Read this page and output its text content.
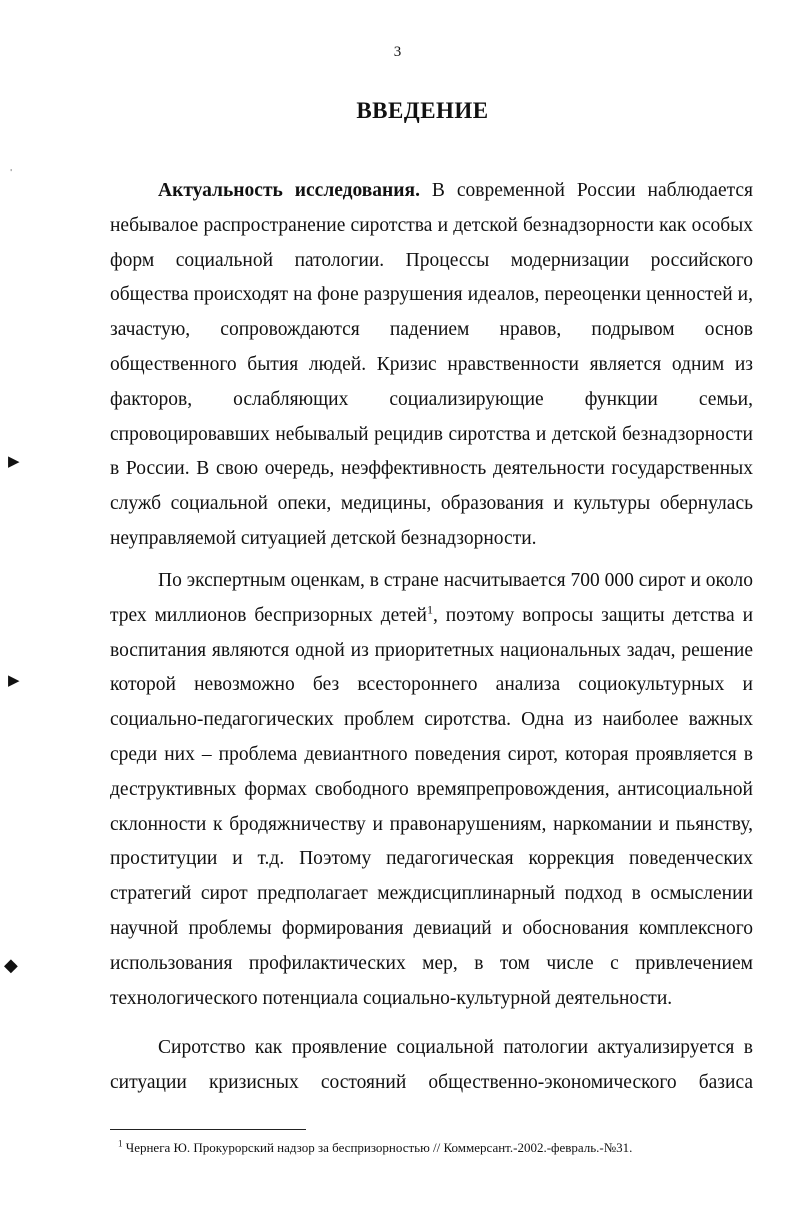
3
ВВЕДЕНИЕ

Актуальность исследования. В современной России наблюдается небывалое распространение сиротства и детской безнадзорности как особых форм социальной патологии. Процессы модернизации российского общества происходят на фоне разрушения идеалов, переоценки ценностей и, зачастую, сопровождаются падением нравов, подрывом основ общественного бытия людей. Кризис нравственности является одним из факторов, ослабляющих социализирующие функции семьи, спровоцировавших небывалый рецидив сиротства и детской безнадзорности в России. В свою очередь, неэффективность деятельности государственных служб социальной опеки, медицины, образования и культуры обернулась неуправляемой ситуацией детской безнадзорности.

По экспертным оценкам, в стране насчитывается 700 000 сирот и около трех миллионов беспризорных детей$^1$, поэтому вопросы защиты детства и воспитания являются одной из приоритетных национальных задач, решение которой невозможно без всестороннего анализа социокультурных и социально-педагогических проблем сиротства. Одна из наиболее важных среди них – проблема девиантного поведения сирот, которая проявляется в деструктивных формах свободного времяпрепровождения, антисоциальной склонности к бродяжничеству и правонарушениям, наркомании и пьянству, проституции и т.д. Поэтому педагогическая коррекция поведенческих стратегий сирот предполагает междисциплинарный подход в осмыслении научной проблемы формирования девиаций и обоснования комплексного использования профилактических мер, в том числе с привлечением технологического потенциала социально-культурной деятельности.

Сиротство как проявление социальной патологии актуализируется в ситуации кризисных состояний общественно-экономического базиса

$^1$ Чернега Ю. Прокурорский надзор за беспризорностью // Коммерсант.-2002.-февраль.-№31.
'
▶
▶
◆
